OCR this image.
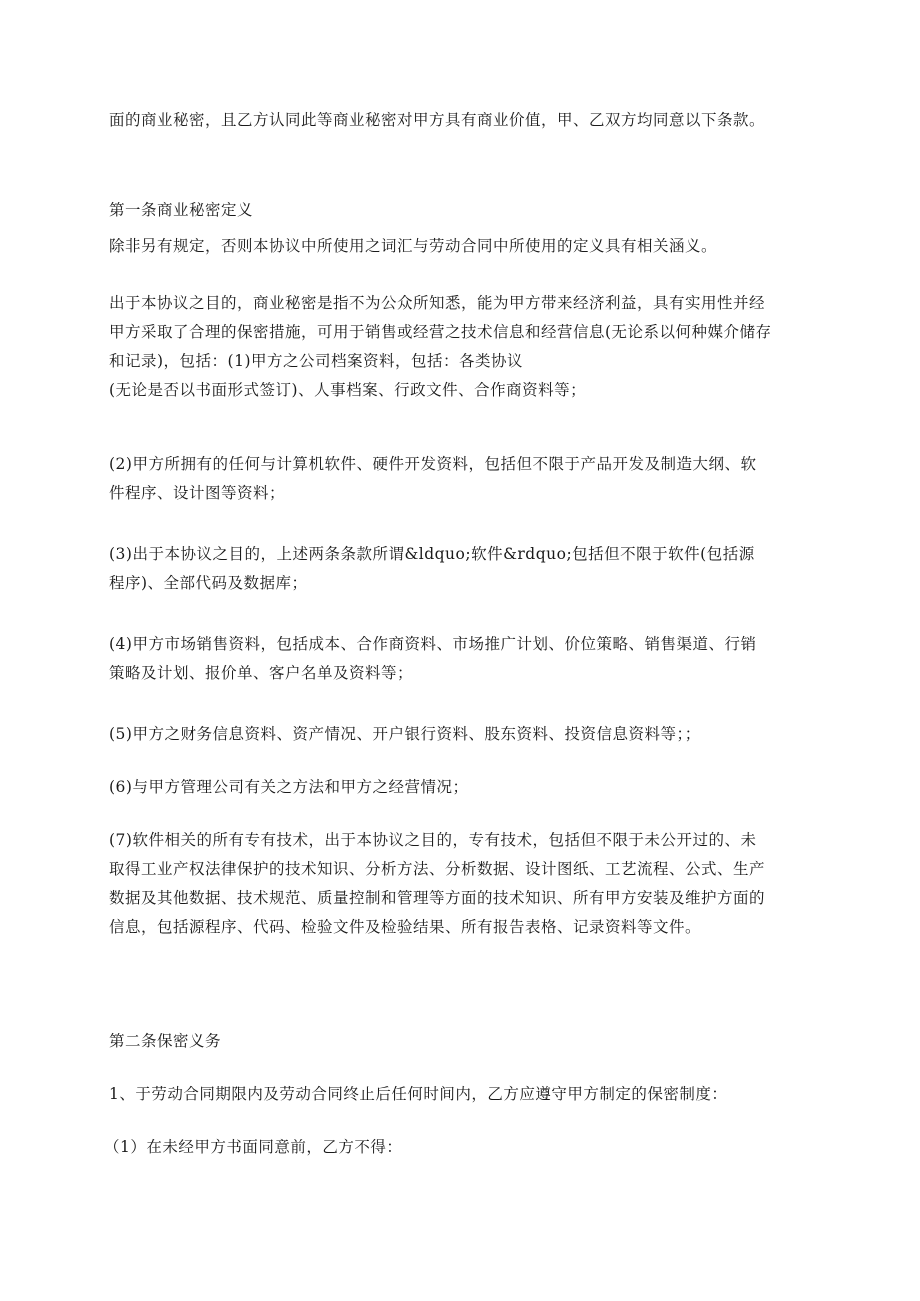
面的商业秘密，且乙方认同此等商业秘密对甲方具有商业价值，甲、乙双方均同意以下条款。

第一条商业秘密定义

除非另有规定，否则本协议中所使用之词汇与劳动合同中所使用的定义具有相关涵义。

出于本协议之目的，商业秘密是指不为公众所知悉，能为甲方带来经济利益，具有实用性并经
甲方采取了合理的保密措施，可用于销售或经营之技术信息和经营信息(无论系以何种媒介储存
和记录)，包括：(1)甲方之公司档案资料，包括：各类协议
(无论是否以书面形式签订)、人事档案、行政文件、合作商资料等；

(2)甲方所拥有的任何与计算机软件、硬件开发资料，包括但不限于产品开发及制造大纲、软
件程序、设计图等资料；

(3)出于本协议之目的，上述两条条款所谓&ldquo;软件&rdquo;包括但不限于软件(包括源
程序)、全部代码及数据库；

(4)甲方市场销售资料，包括成本、合作商资料、市场推广计划、价位策略、销售渠道、行销
策略及计划、报价单、客户名单及资料等；

(5)甲方之财务信息资料、资产情况、开户银行资料、股东资料、投资信息资料等；；

(6)与甲方管理公司有关之方法和甲方之经营情况；

(7)软件相关的所有专有技术，出于本协议之目的，专有技术，包括但不限于未公开过的、未
取得工业产权法律保护的技术知识、分析方法、分析数据、设计图纸、工艺流程、公式、生产
数据及其他数据、技术规范、质量控制和管理等方面的技术知识、所有甲方安装及维护方面的
信息，包括源程序、代码、检验文件及检验结果、所有报告表格、记录资料等文件。

第二条保密义务

1、于劳动合同期限内及劳动合同终止后任何时间内，乙方应遵守甲方制定的保密制度：

（1）在未经甲方书面同意前，乙方不得：
